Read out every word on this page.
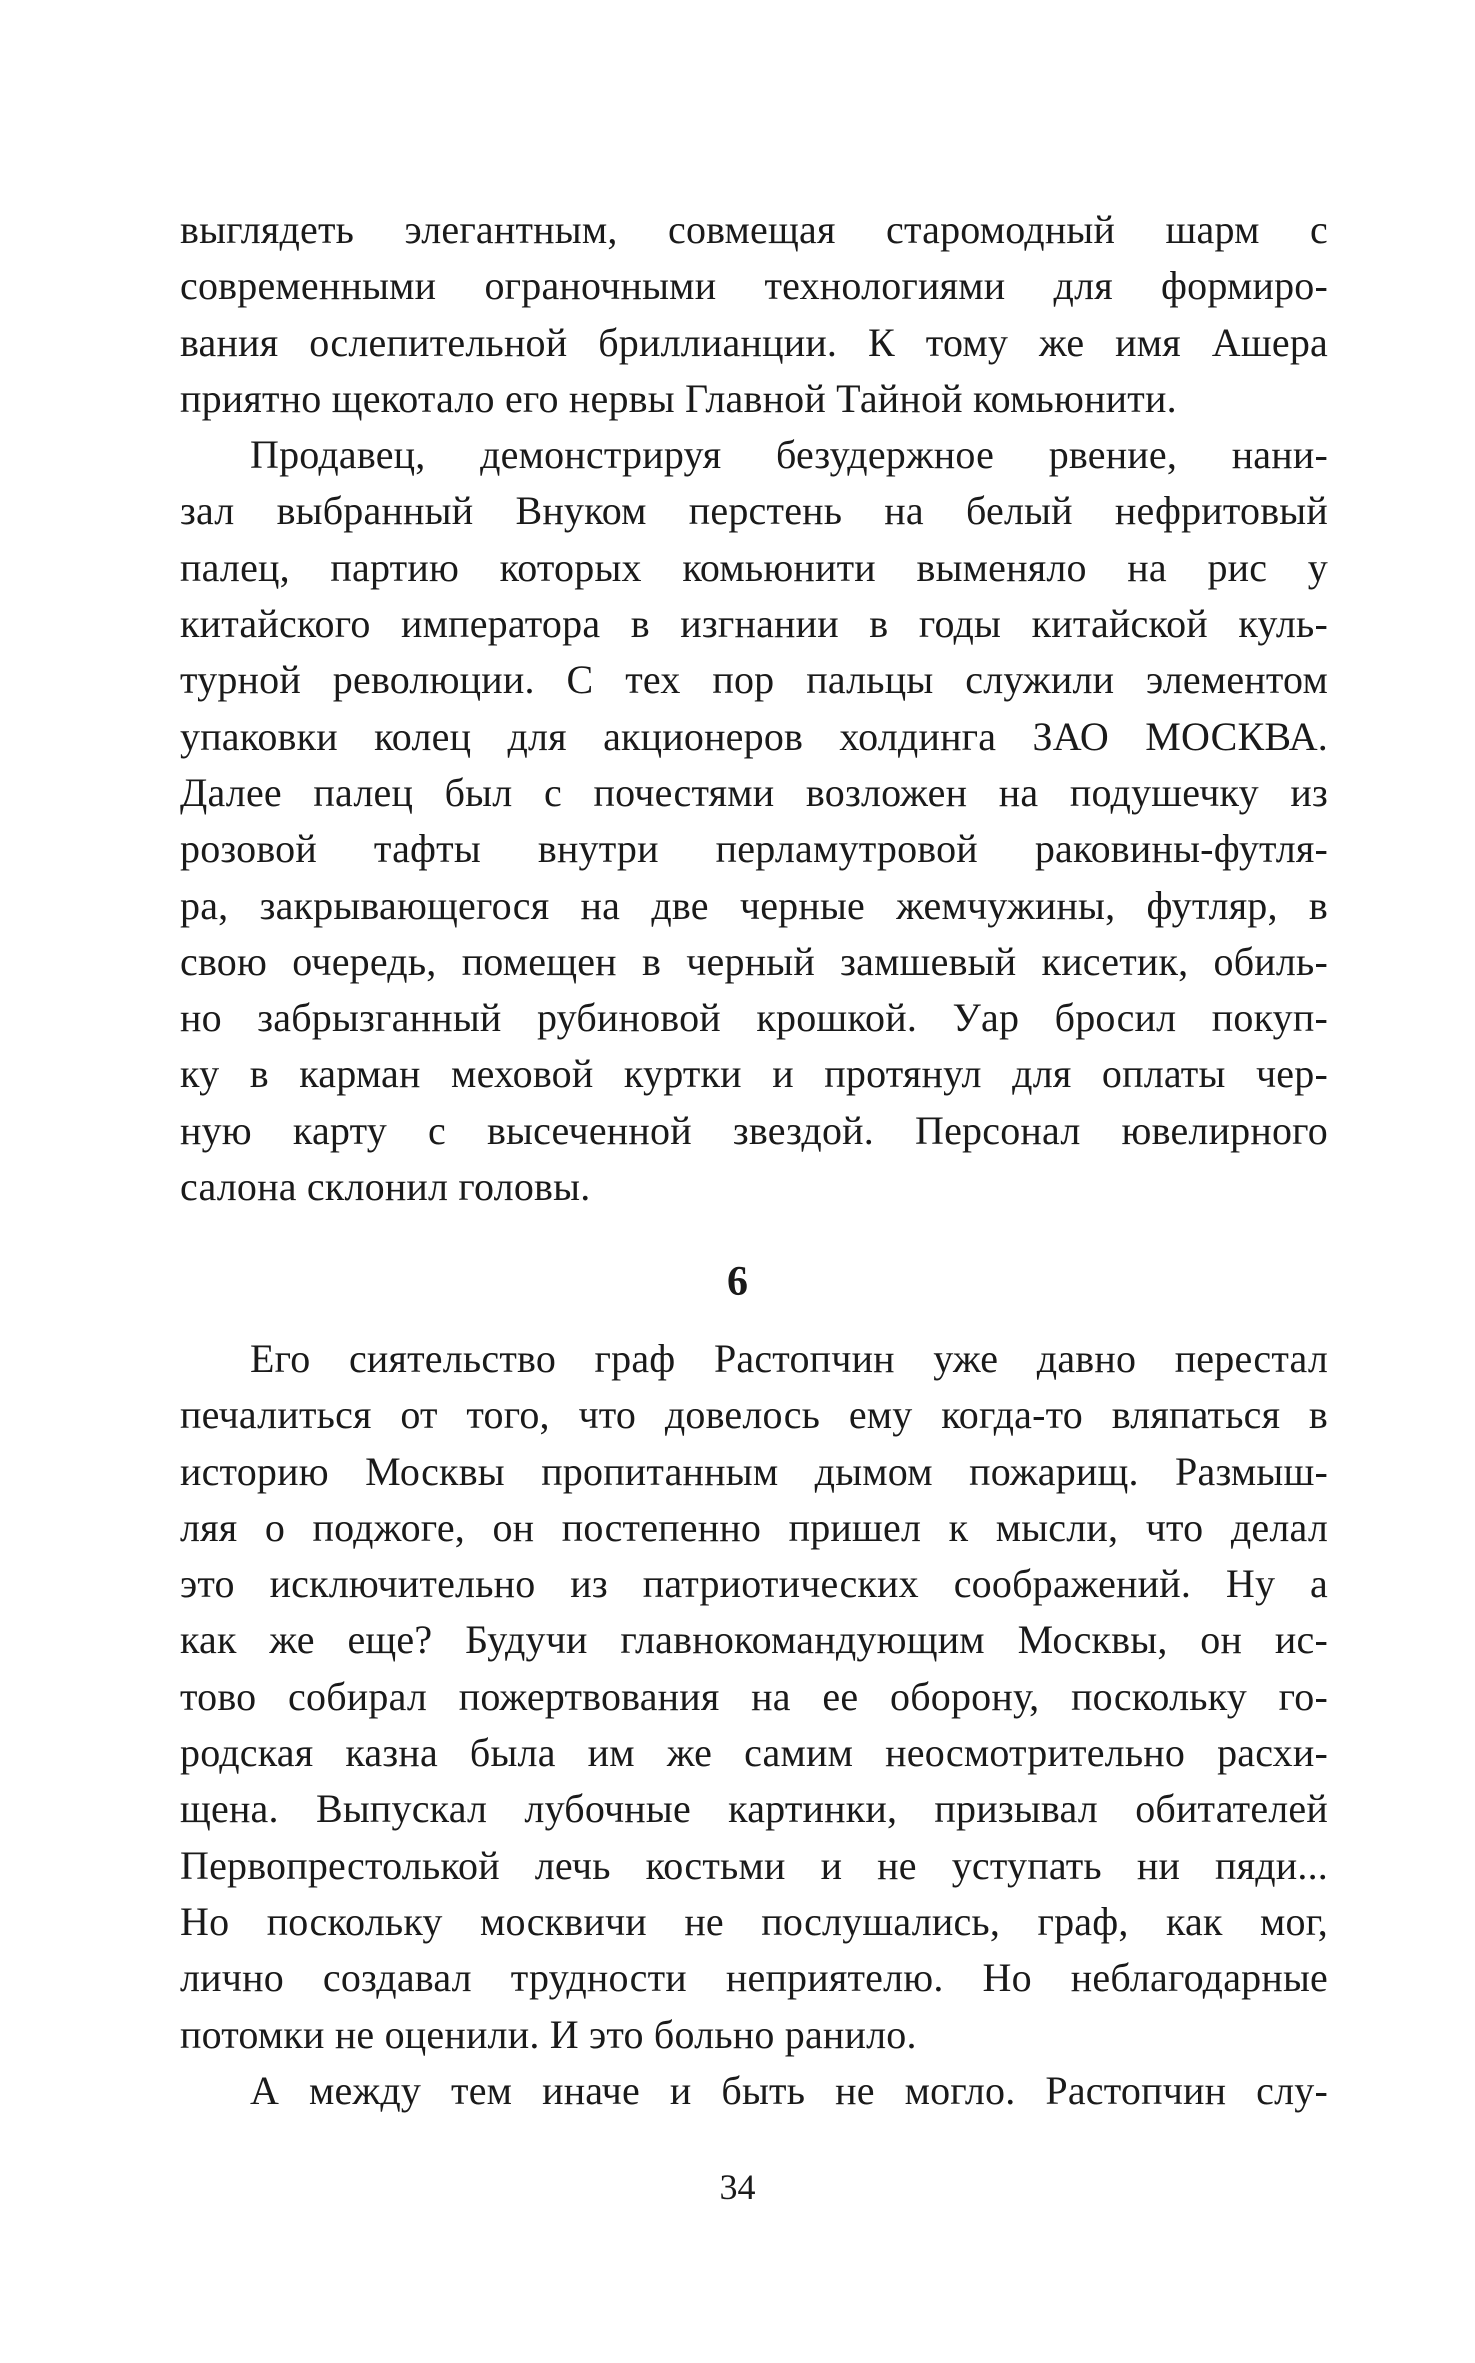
выглядеть элегантным, совмещая старомодный шарм с
современными ограночными технологиями для формиро-
вания ослепительной бриллианции. К тому же имя Ашера
приятно щекотало его нервы Главной Тайной комьюнити.
Продавец, демонстрируя безудержное рвение, нани-
зал выбранный Внуком перстень на белый нефритовый
палец, партию которых комьюнити выменяло на рис у
китайского императора в изгнании в годы китайской куль-
турной революции. С тех пор пальцы служили элементом
упаковки колец для акционеров холдинга ЗАО МОСКВА.
Далее палец был с почестями возложен на подушечку из
розовой тафты внутри перламутровой раковины-футля-
ра, закрывающегося на две черные жемчужины, футляр, в
свою очередь, помещен в черный замшевый кисетик, обиль-
но забрызганный рубиновой крошкой. Уар бросил покуп-
ку в карман меховой куртки и протянул для оплаты чер-
ную карту с высеченной звездой. Персонал ювелирного
салона склонил головы.
6
Его сиятельство граф Растопчин уже давно перестал
печалиться от того, что довелось ему когда-то вляпаться в
историю Москвы пропитанным дымом пожарищ. Размыш-
ляя о поджоге, он постепенно пришел к мысли, что делал
это исключительно из патриотических соображений. Ну а
как же еще? Будучи главнокомандующим Москвы, он ис-
тово собирал пожертвования на ее оборону, поскольку го-
родская казна была им же самим неосмотрительно расхи-
щена. Выпускал лубочные картинки, призывал обитателей
Первопрестолькой лечь костьми и не уступать ни пяди...
Но поскольку москвичи не послушались, граф, как мог,
лично создавал трудности неприятелю. Но неблагодарные
потомки не оценили. И это больно ранило.
А между тем иначе и быть не могло. Растопчин слу-
34
